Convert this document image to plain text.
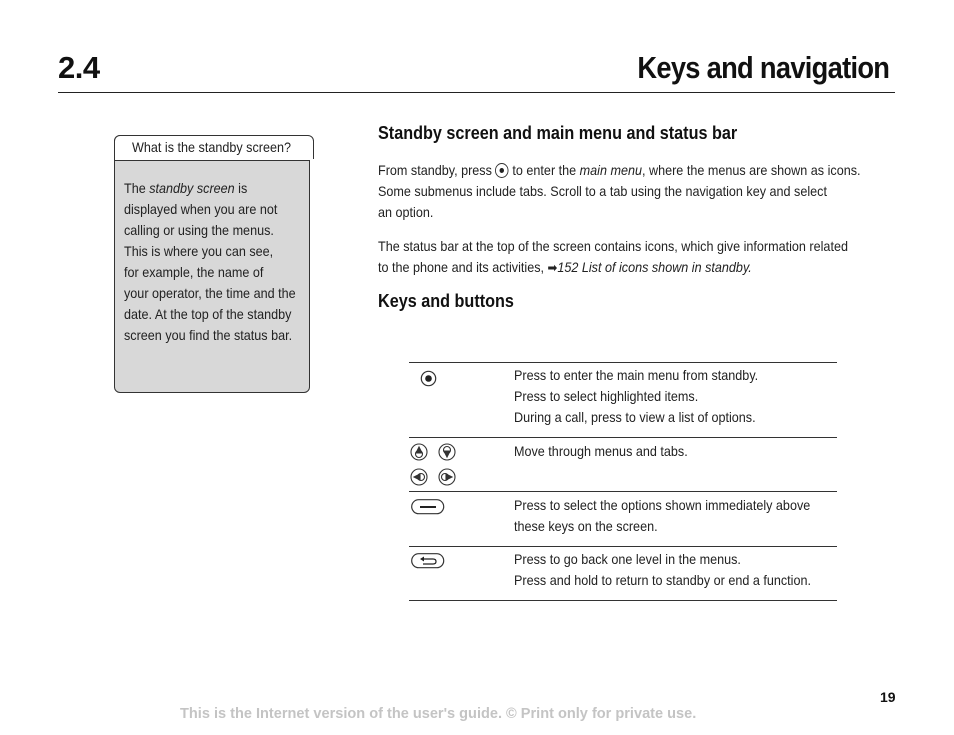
2.4	Keys and navigation
What is the standby screen?

The standby screen is

displayed when you are not

calling or using the menus.

This is where you can see,

for example, the name of

your operator, the time and the

date. At the top of the standby

screen you find the status bar.

Standby screen and main menu and status bar

From standby, press  to enter the main menu, where the menus are shown as icons.

Some submenus include tabs. Scroll to a tab using the navigation key and select

an option.

The status bar at the top of the screen contains icons, which give information related

to the phone and its activities, ➡152 List of icons shown in standby.

Keys and buttons

Press to enter the main menu from standby.

Press to select highlighted items.

During a call, press to view a list of options.

Move through menus and tabs.

Press to select the options shown immediately above

these keys on the screen.

Press to go back one level in the menus.

Press and hold to return to standby or end a function.

19
This is the Internet version of the user's guide. © Print only for private use.
